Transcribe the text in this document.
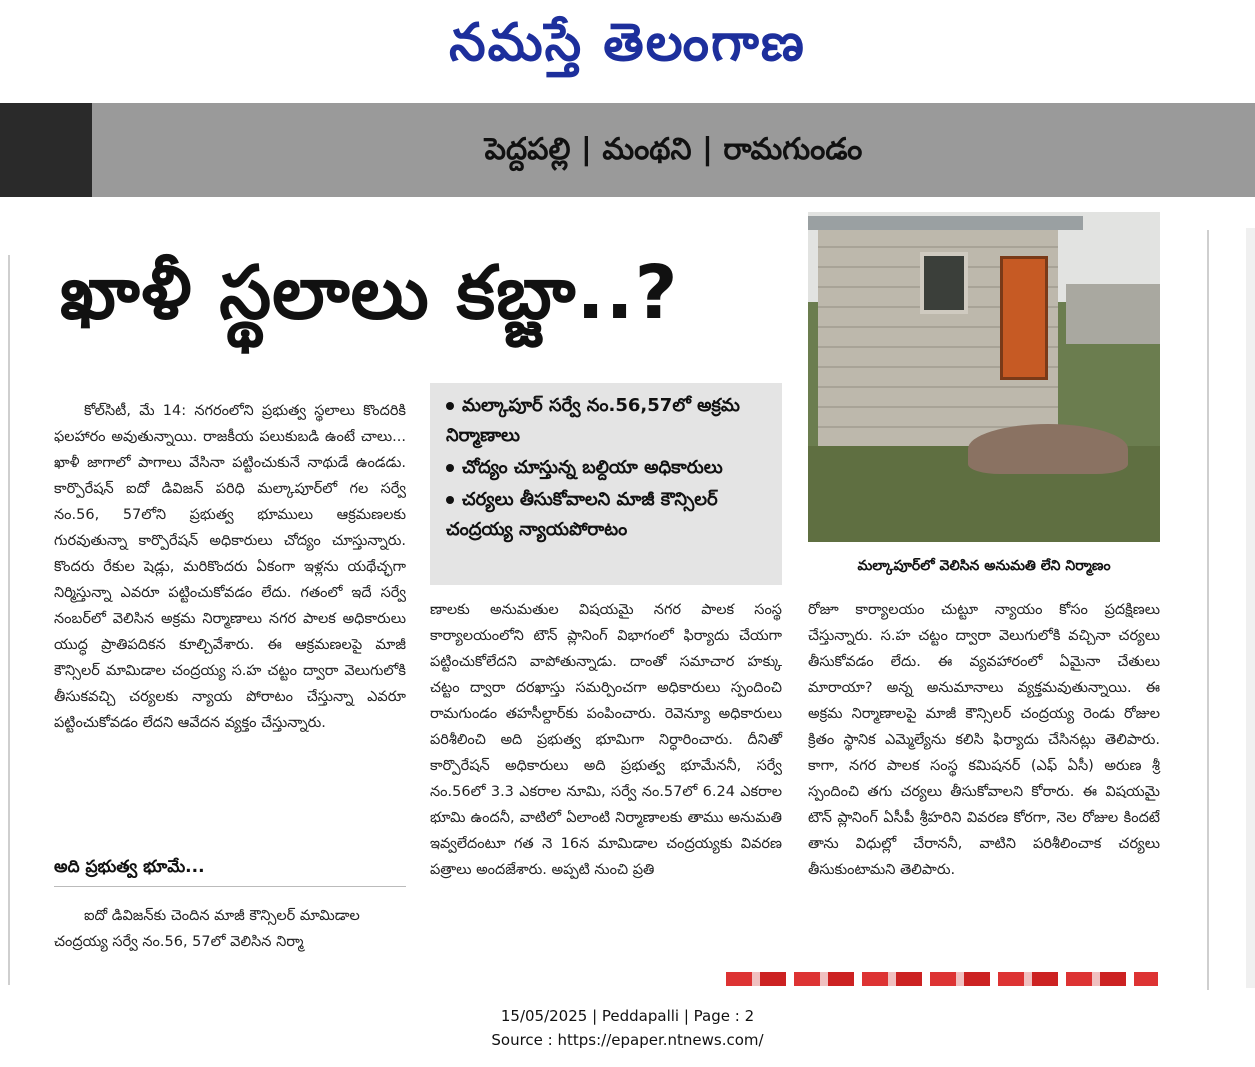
నమస్తే తెలంగాణ
పెద్దపల్లి | మంథని | రామగుండం
ఖాళీ స్థలాలు కబ్జా..?
మల్కాపూర్‌లో వెలిసిన అనుమతి లేని నిర్మాణం
మల్కాపూర్ సర్వే నం.56,57లో అక్రమ నిర్మాణాలు
చోద్యం చూస్తున్న బల్దియా అధికారులు
చర్యలు తీసుకోవాలని మాజీ కౌన్సిలర్ చంద్రయ్య న్యాయపోరాటం

కోల్‌సిటీ, మే 14: నగరంలోని ప్రభుత్వ స్థలాలు కొందరికి ఫలహారం అవుతున్నాయి. రాజకీయ పలుకుబడి ఉంటే చాలు... ఖాళీ జాగాలో పాగాలు వేసినా పట్టించుకునే నాథుడే ఉండడు. కార్పొరేషన్ ఐదో డివిజన్ పరిధి మల్కాపూర్‌లో గల సర్వే నం.56, 57లోని ప్రభుత్వ భూములు ఆక్రమణలకు గురవుతున్నా కార్పొరేషన్ అధికారులు చోద్యం చూస్తున్నారు. కొందరు రేకుల షెడ్లు, మరికొందరు ఏకంగా ఇళ్లను యథేచ్ఛగా నిర్మిస్తున్నా ఎవరూ పట్టించుకోవడం లేదు. గతంలో ఇదే సర్వే నంబర్‌లో వెలిసిన అక్రమ నిర్మాణాలు నగర పాలక అధికారులు యుద్ధ ప్రాతిపదికన కూల్చివేశారు. ఈ ఆక్రమణలపై మాజీ కౌన్సిలర్ మామిడాల చంద్రయ్య స.హ చట్టం ద్వారా వెలుగులోకి తీసుకవచ్చి చర్యలకు న్యాయ పోరాటం చేస్తున్నా ఎవరూ పట్టించుకోవడం లేదని ఆవేదన వ్యక్తం చేస్తున్నారు.

అది ప్రభుత్వ భూమే...
ఐదో డివిజన్‌కు చెందిన మాజీ కౌన్సిలర్ మామిడాల చంద్రయ్య సర్వే నం.56, 57లో వెలిసిన నిర్మా

ణాలకు అనుమతుల విషయమై నగర పాలక సంస్థ కార్యాలయంలోని టౌన్ ప్లానింగ్ విభాగంలో ఫిర్యాదు చేయగా పట్టించుకోలేదని వాపోతున్నాడు. దాంతో సమాచార హక్కు చట్టం ద్వారా దరఖాస్తు సమర్పించగా అధికారులు స్పందించి రామగుండం తహసీల్దార్‌కు పంపించారు. రెవెన్యూ అధికారులు పరిశీలించి అది ప్రభుత్వ భూమిగా నిర్ధారించారు. దీనితో కార్పొరేషన్ అధికారులు అది ప్రభుత్వ భూమేననీ, సర్వే నం.56లో 3.3 ఎకరాల నూమి, సర్వే నం.57లో 6.24 ఎకరాల భూమి ఉందనీ, వాటిలో ఏలాంటి నిర్మాణాలకు తాము అనుమతి ఇవ్వలేదంటూ గత నె 16న మామిడాల చంద్రయ్యకు వివరణ పత్రాలు అందజేశారు. అప్పటి నుంచి ప్రతి

రోజూ కార్యాలయం చుట్టూ న్యాయం కోసం ప్రదక్షిణలు చేస్తున్నారు. స.హ చట్టం ద్వారా వెలుగులోకి వచ్చినా చర్యలు తీసుకోవడం లేదు. ఈ వ్యవహారంలో ఏమైనా చేతులు మారాయా? అన్న అనుమానాలు వ్యక్తమవుతున్నాయి. ఈ అక్రమ నిర్మాణాలపై మాజీ కౌన్సిలర్ చంద్రయ్య రెండు రోజుల క్రితం స్థానిక ఎమ్మెల్యేను కలిసి ఫిర్యాదు చేసినట్లు తెలిపారు. కాగా, నగర పాలక సంస్థ కమిషనర్ (ఎఫ్ ఏసీ) అరుణ శ్రీ స్పందించి తగు చర్యలు తీసుకోవాలని కోరారు. ఈ విషయమై టౌన్ ప్లానింగ్ ఏసీపీ శ్రీహరిని వివరణ కోరగా, నెల రోజుల కిందటే తాను విధుల్లో చేరాననీ, వాటిని పరిశీలించాక చర్యలు తీసుకుంటామని తెలిపారు.

15/05/2025 | Peddapalli | Page : 2
Source : https://epaper.ntnews.com/
